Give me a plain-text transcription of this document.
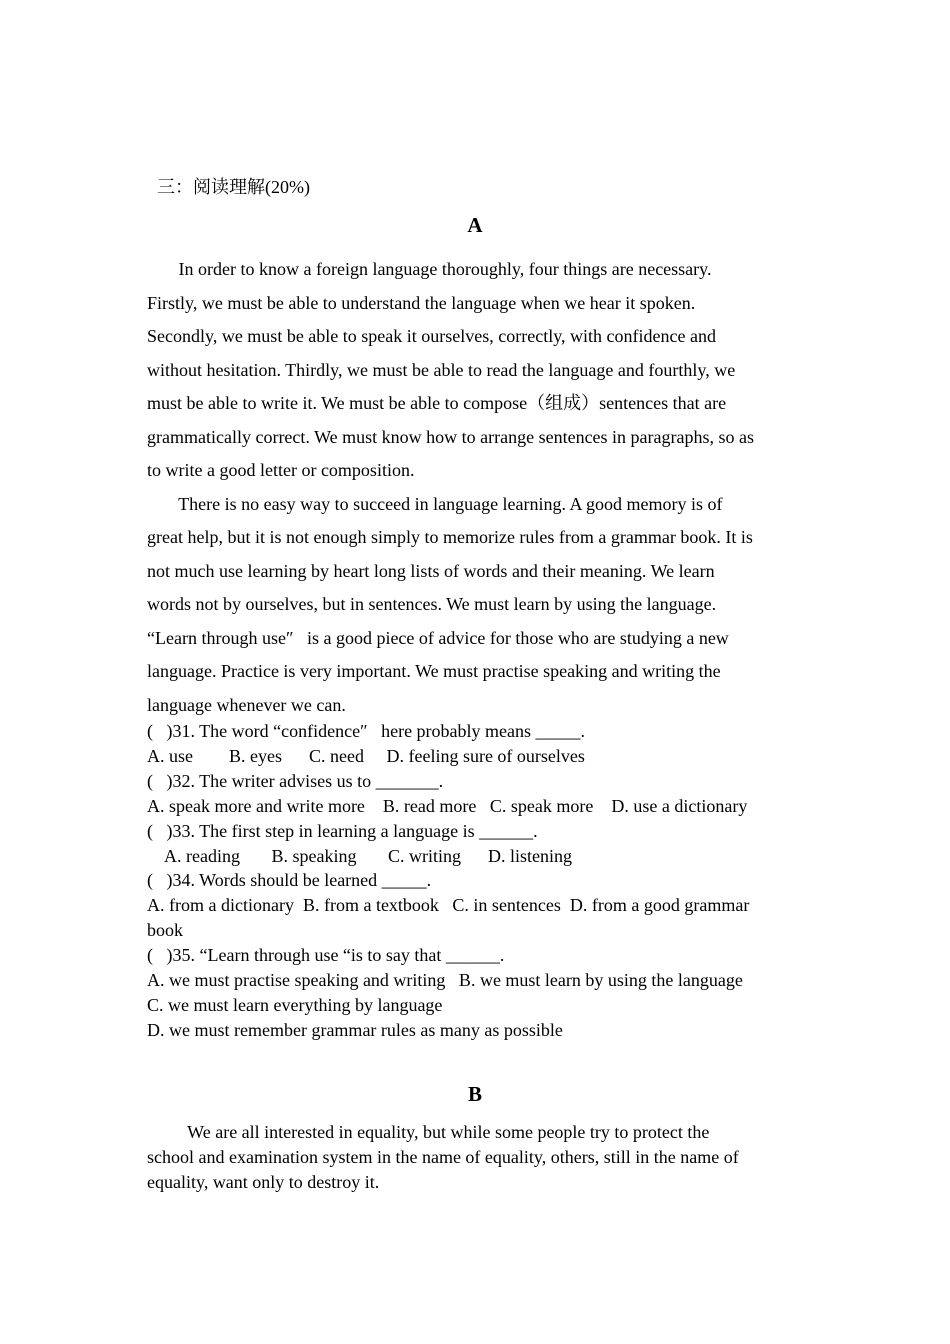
三：阅读理解(20%)
A
In order to know a foreign language thoroughly, four things are necessary.
Firstly, we must be able to understand the language when we hear it spoken.
Secondly, we must be able to speak it ourselves, correctly, with confidence and
without hesitation. Thirdly, we must be able to read the language and fourthly, we
must be able to write it. We must be able to compose（组成）sentences that are
grammatically correct. We must know how to arrange sentences in paragraphs, so as
to write a good letter or composition.
There is no easy way to succeed in language learning. A good memory is of
great help, but it is not enough simply to memorize rules from a grammar book. It is
not much use learning by heart long lists of words and their meaning. We learn
words not by ourselves, but in sentences. We must learn by using the language.
“Learn through use″   is a good piece of advice for those who are studying a new
language. Practice is very important. We must practise speaking and writing the
language whenever we can.
(   )31. The word “confidence″   here probably means _____.
A. use        B. eyes      C. need     D. feeling sure of ourselves
(   )32. The writer advises us to _______.
A. speak more and write more    B. read more   C. speak more    D. use a dictionary
(   )33. The first step in learning a language is ______.
A. reading       B. speaking       C. writing      D. listening
(   )34. Words should be learned _____.
A. from a dictionary  B. from a textbook   C. in sentences  D. from a good grammar
book
(   )35. “Learn through use “is to say that ______.
A. we must practise speaking and writing   B. we must learn by using the language
C. we must learn everything by language
D. we must remember grammar rules as many as possible
B
We are all interested in equality, but while some people try to protect the
school and examination system in the name of equality, others, still in the name of
equality, want only to destroy it.
